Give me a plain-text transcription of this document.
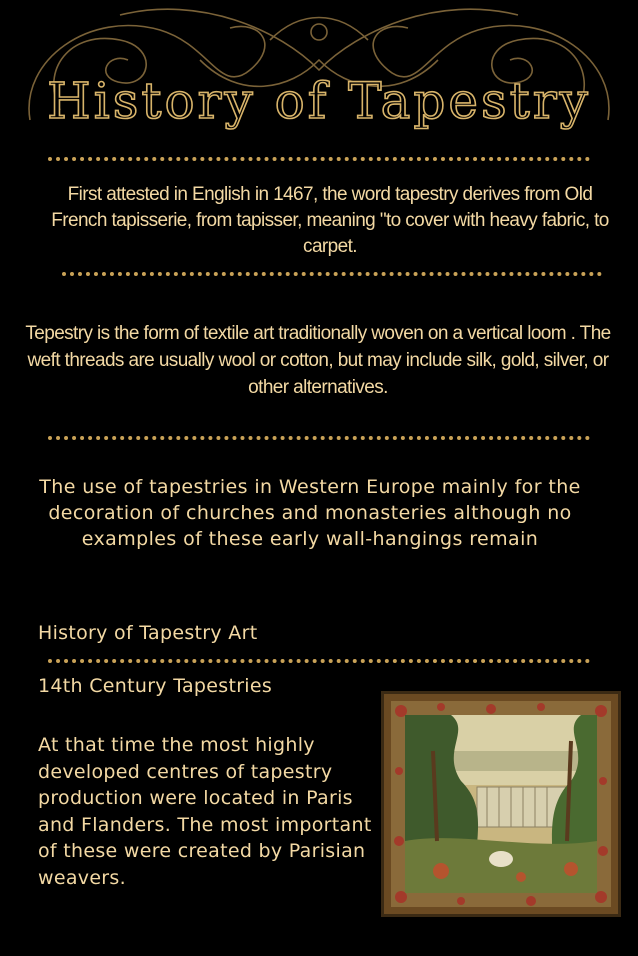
History of Tapestry

First attested in English in 1467, the word tapestry derives from Old French tapisserie, from tapisser, meaning "to cover with heavy fabric, to carpet.

Tepestry is the form of textile art traditionally woven on a vertical loom . The weft threads are usually wool or cotton, but may include silk, gold, silver, or other alternatives.

The use of tapestries in Western Europe mainly for the decoration of churches and monasteries although no examples of these early wall-hangings remain

History of Tapestry Art
14th Century Tapestries

At that time the most highly developed centres of tapestry production were located in Paris and Flanders. The most important of these were created by Parisian weavers.
